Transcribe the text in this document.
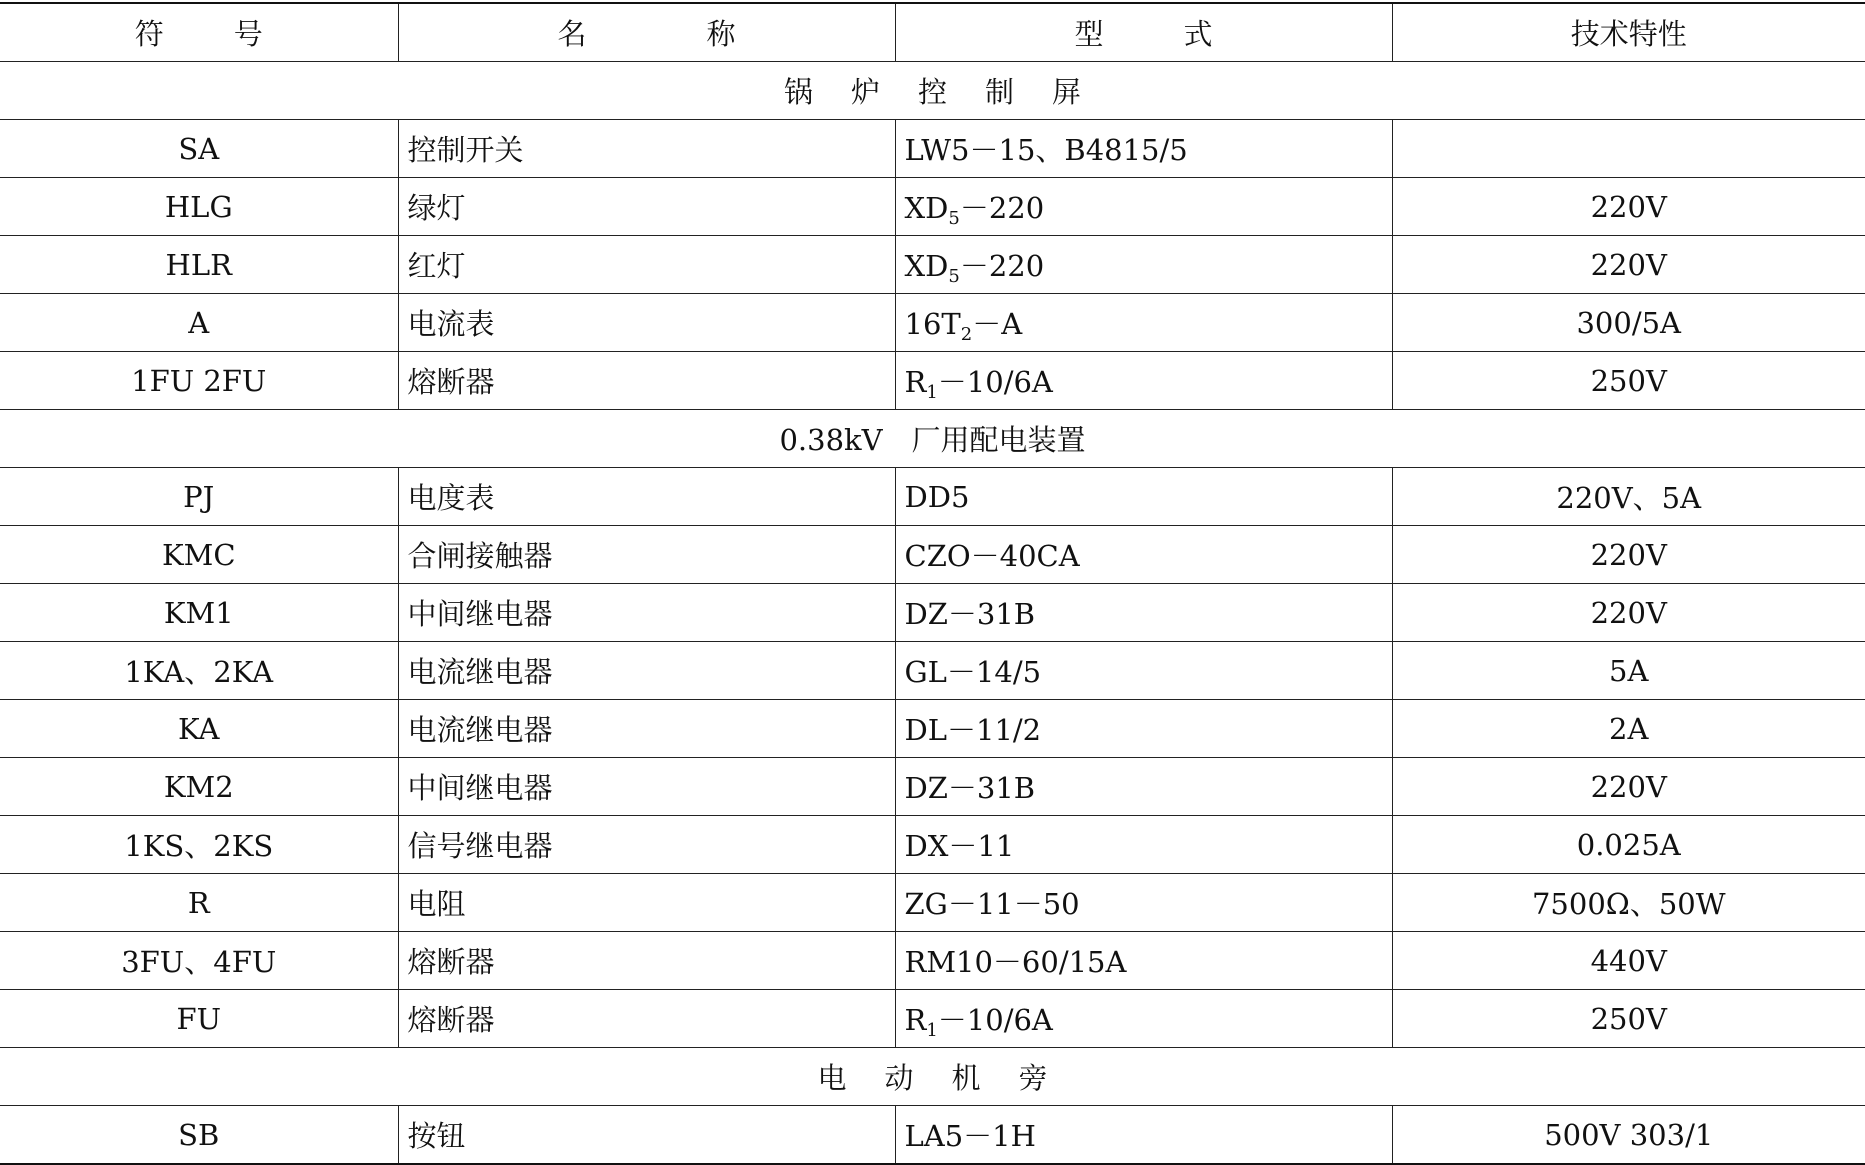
符 号	名 称	型 式	技术特性
锅 炉 控 制 屏			
SA	控制开关	LW5－15、B4815/5	
HLG	绿灯	$XD_5-220$	220V
HLR	红灯	$XD_5-220$	220V
A	电流表	$16T_2-A$	300/5A
1FU 2FU	熔断器	$R_1-10/6A$	250V
0.38kV　厂用配电装置			
PJ	电度表	DD5	220V、5A
KMC	合闸接触器	CZO－40CA	220V
KM1	中间继电器	DZ－31B	220V
1KA、2KA	电流继电器	GL－14/5	5A
KA	电流继电器	DL－11/2	2A
KM2	中间继电器	DZ－31B	220V
1KS、2KS	信号继电器	DX－11	0.025A
R	电阻	ZG－11－50	7500Ω、50W
3FU、4FU	熔断器	RM10－60/15A	440V
FU	熔断器	$R_1-10/6A$	250V
电 动 机 旁			
SB	按钮	LA5－1H	500V 303/1
